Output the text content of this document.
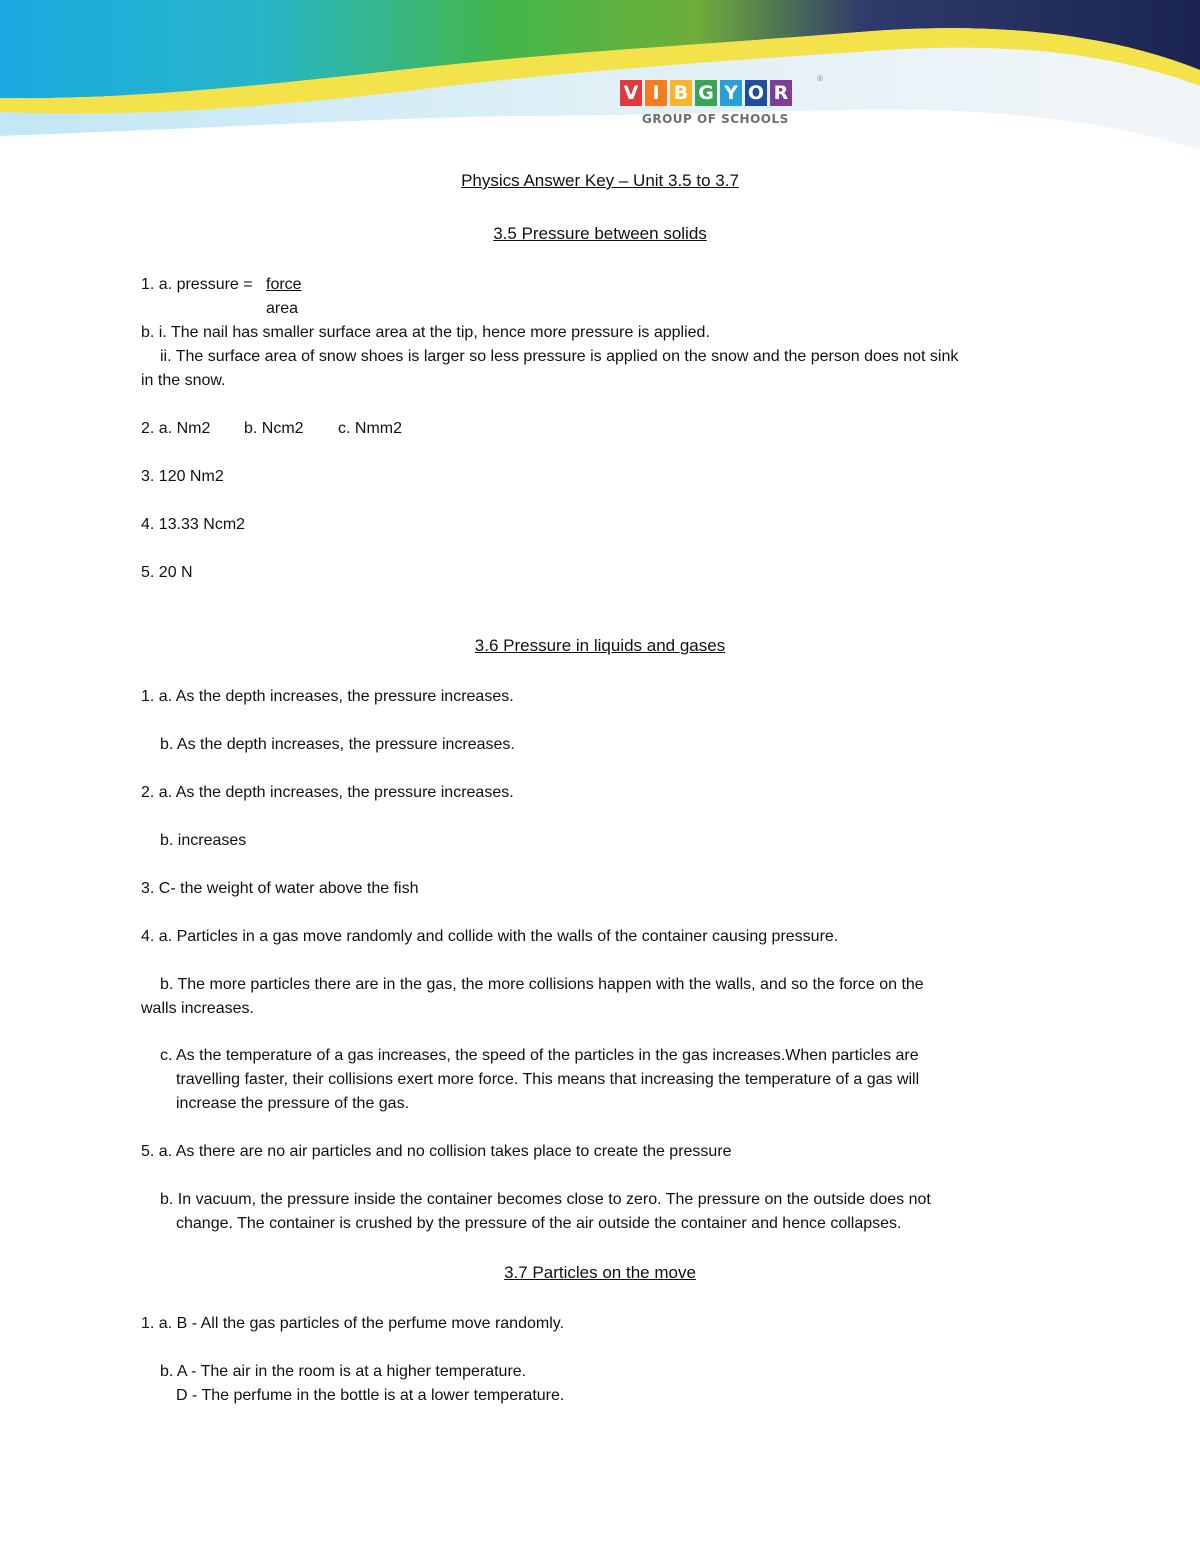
V I B G Y O R
GROUP OF SCHOOLS
®
Physics Answer Key – Unit 3.5 to 3.7
3.5 Pressure between solids
1. a. pressure = force
area
b. i. The nail has smaller surface area at the tip, hence more pressure is applied.
ii. The surface area of snow shoes is larger so less pressure is applied on the snow and the person does not sink
in the snow.
2. a. Nm2 b. Ncm2 c. Nmm2
3. 120 Nm2
4. 13.33 Ncm2
5. 20 N
3.6 Pressure in liquids and gases
1. a. As the depth increases, the pressure increases.
b. As the depth increases, the pressure increases.
2. a. As the depth increases, the pressure increases.
b. increases
3. C- the weight of water above the fish
4. a. Particles in a gas move randomly and collide with the walls of the container causing pressure.
b. The more particles there are in the gas, the more collisions happen with the walls, and so the force on the
walls increases.
c. As the temperature of a gas increases, the speed of the particles in the gas increases.When particles are
travelling faster, their collisions exert more force. This means that increasing the temperature of a gas will
increase the pressure of the gas.
5. a. As there are no air particles and no collision takes place to create the pressure
b. In vacuum, the pressure inside the container becomes close to zero. The pressure on the outside does not
change. The container is crushed by the pressure of the air outside the container and hence collapses.
3.7 Particles on the move
1. a. B - All the gas particles of the perfume move randomly.
b. A - The air in the room is at a higher temperature.
D - The perfume in the bottle is at a lower temperature.
